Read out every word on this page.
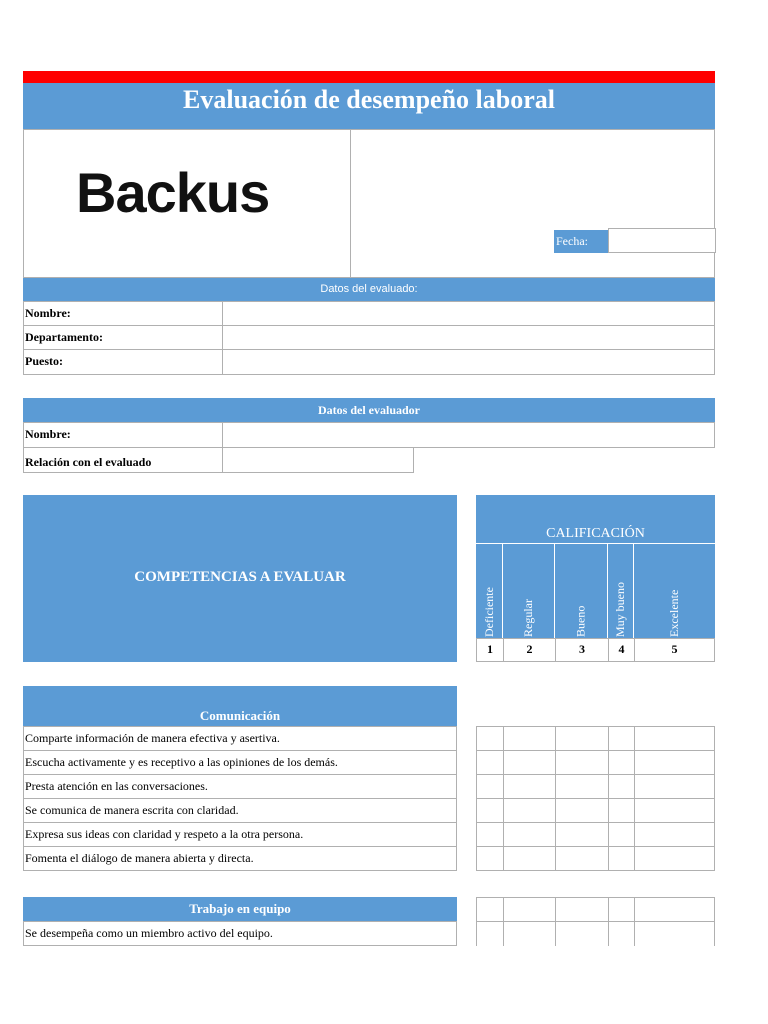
Evaluación de desempeño laboral
Backus
Fecha:
Datos del evaluado:
Nombre:
Departamento:
Puesto:
Datos del evaluador
Nombre:
Relación con el evaluado
COMPETENCIAS A EVALUAR
CALIFICACIÓN
Deficiente	Regular	Bueno	Muy bueno	Excelente
1	2	3	4	5
Comunicación
Comparte información de manera efectiva y asertiva.
Escucha activamente y es receptivo a las opiniones de los demás.
Presta atención en las conversaciones.
Se comunica de manera escrita con claridad.
Expresa sus ideas con claridad y respeto a la otra persona.
Fomenta el diálogo de manera abierta y directa.
Trabajo en equipo
Se desempeña como un miembro activo del equipo.
